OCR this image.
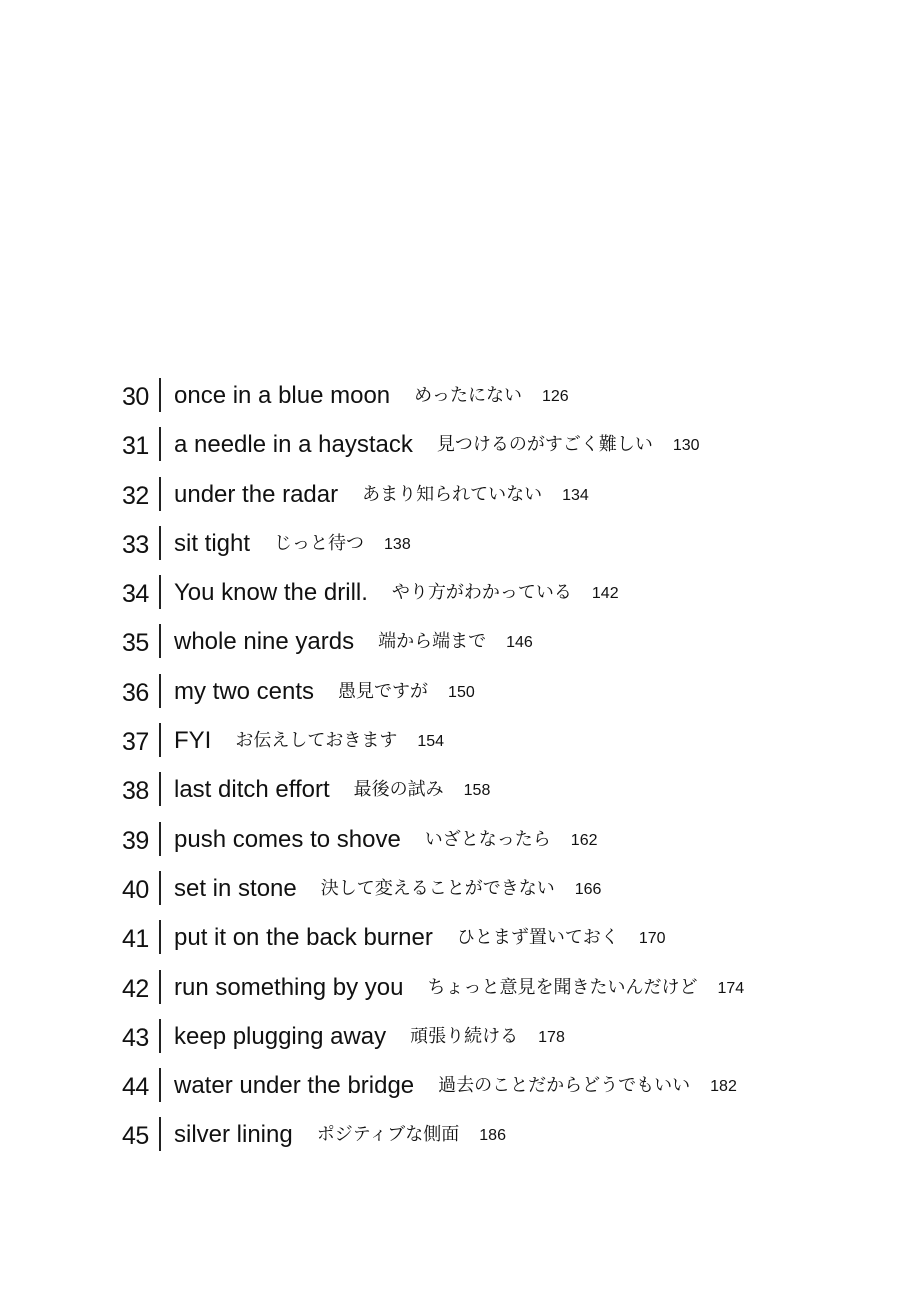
30 once in a blue moon めったにない 126
31 a needle in a haystack 見つけるのがすごく難しい 130
32 under the radar あまり知られていない 134
33 sit tight じっと待つ 138
34 You know the drill. やり方がわかっている 142
35 whole nine yards 端から端まで 146
36 my two cents 愚見ですが 150
37 FYI お伝えしておきます 154
38 last ditch effort 最後の試み 158
39 push comes to shove いざとなったら 162
40 set in stone 決して変えることができない 166
41 put it on the back burner ひとまず置いておく 170
42 run something by you ちょっと意見を聞きたいんだけど 174
43 keep plugging away 頑張り続ける 178
44 water under the bridge 過去のことだからどうでもいい 182
45 silver lining ポジティブな側面 186
